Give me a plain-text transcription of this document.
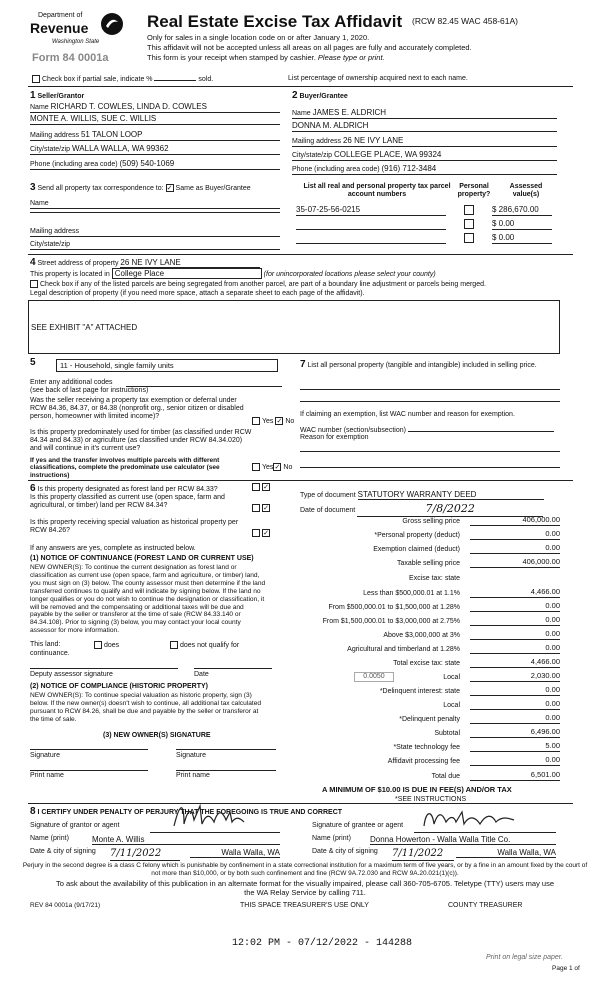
Department of
Revenue
Washington State
Form 84 0001a
Real Estate Excise Tax Affidavit (RCW 82.45 WAC 458-61A)
Only for sales in a single location code on or after January 1, 2020.
This affidavit will not be accepted unless all areas on all pages are fully and accurately completed.
This form is your receipt when stamped by cashier. Please type or print.
Check box if partial sale, indicate %	sold.	List percentage of ownership acquired next to each name.
1 Seller/Grantor
Name RICHARD T. COWLES, LINDA D. COWLES
MONTE A. WILLIS, SUE C. WILLIS
Mailing address 51 TALON LOOP
City/state/zip WALLA WALLA, WA 99362
Phone (including area code) (509) 540-1069
2 Buyer/Grantee
Name JAMES E. ALDRICH
DONNA M. ALDRICH
Mailing address 26 NE IVY LANE
City/state/zip COLLEGE PLACE, WA 99324
Phone (including area code) (916) 712-3484
3 Send all property tax correspondence to: ✓ Same as Buyer/Grantee
Name
Mailing address
City/state/zip
List all real and personal property tax parcel account numbers
Personal property?
Assessed value(s)
35-07-25-56-0215	$ 286,670.00
$ 0.00
$ 0.00
4 Street address of property 26 NE IVY LANE
This property is located in College Place	(for unincorporated locations please select your county)
Check box if any of the listed parcels are being segregated from another parcel, are part of a boundary line adjustment or parcels being merged.
Legal description of property (if you need more space, attach a separate sheet to each page of the affidavit).
SEE EXHIBIT "A" ATTACHED
5	11 - Household, single family units
Enter any additional codes
(see back of last page for instructions)
Was the seller receiving a property tax exemption or deferral under RCW 84.36, 84.37, or 84.38 (nonprofit org., senior citizen or disabled person, homeowner with limited income)?
Yes ✓ No
Is this property predominately used for timber (as classified under RCW 84.34 and 84.33) or agriculture (as classified under RCW 84.34.020) and will continue in it's current use?
If yes and the transfer involves multiple parcels with different classifications, complete the predominate use calculator (see instructions)
Yes✓ No
7 List all personal property (tangible and intangible) included in selling price.
If claiming an exemption, list WAC number and reason for exemption.
WAC number (section/subsection)
Reason for exemption
6 Is this property designated as forest land per RCW 84.33?	✓
Is this property classified as current use (open space, farm and agricultural, or timber) land per RCW 84.34?	✓
Is this property receiving special valuation as historical property per RCW 84.26?	✓
If any answers are yes, complete as instructed below.
(1) NOTICE OF CONTINUANCE (FOREST LAND OR CURRENT USE)
NEW OWNER(S): To continue the current designation as forest land or classification as current use (open space, farm and agriculture, or timber) land, you must sign on (3) below. The county assessor must then determine if the land transferred continues to qualify and will indicate by signing below. If the land no longer qualifies or you do not wish to continue the designation or classification, it will be removed and the compensating or additional taxes will be due and payable by the seller or transferor at the time of sale (RCW 84.33.140 or 84.34.108). Prior to signing (3) below, you may contact your local county assessor for more information.
This land:
continuance.
does	does not qualify for
Deputy assessor signature	Date
(2) NOTICE OF COMPLIANCE (HISTORIC PROPERTY)
NEW OWNER(S): To continue special valuation as historic property, sign (3) below. If the new owner(s) doesn't wish to continue, all additional tax calculated pursuant to RCW 84.26, shall be due and payable by the seller or transferor at the time of sale.
(3) NEW OWNER(S) SIGNATURE
Signature	Signature
Print name	Print name
Type of document STATUTORY WARRANTY DEED
Date of document	7/8/2022
Gross selling price	406,000.00
*Personal property (deduct)	0.00
Exemption claimed (deduct)	0.00
Taxable selling price	406,000.00
Excise tax: state
Less than $500,000.01 at 1.1%	4,466.00
From $500,000.01 to $1,500,000 at 1.28%	0.00
From $1,500,000.01 to $3,000,000 at 2.75%	0.00
Above $3,000,000 at 3%	0.00
Agricultural and timberland at 1.28%	0.00
Total excise tax: state	4,466.00
0.0050	Local	2,030.00
*Delinquent interest: state	0.00
Local	0.00
*Delinquent penalty	0.00
Subtotal	6,496.00
*State technology fee	5.00
Affidavit processing fee	0.00
Total due	6,501.00
A MINIMUM OF $10.00 IS DUE IN FEE(S) AND/OR TAX
*SEE INSTRUCTIONS
8 I CERTIFY UNDER PENALTY OF PERJURY THAT THE FOREGOING IS TRUE AND CORRECT
Signature of grantor or agent
Name (print)	Monte A. Willis
Date & city of signing 7/11/2022	Walla Walla, WA
Signature of grantee or agent
Name (print) Donna Howerton - Walla Walla Title Co.
Date & city of signing 7/11/2022	Walla Walla, WA
Perjury in the second degree is a class C felony which is punishable by confinement in a state correctional institution for a maximum term of five years, or by a fine in an amount fixed by the court of not more than $10,000, or by both such confinement and fine (RCW 9A.72.030 and RCW 9A.20.021(1)(c)).
To ask about the availability of this publication in an alternate format for the visually impaired, please call 360-705-6705. Teletype (TTY) users may use the WA Relay Service by calling 711.
REV 84 0001a (9/17/21)	THIS SPACE TREASURER'S USE ONLY	COUNTY TREASURER
12:02 PM - 07/12/2022 - 144288
Print on legal size paper.
Page 1 of
